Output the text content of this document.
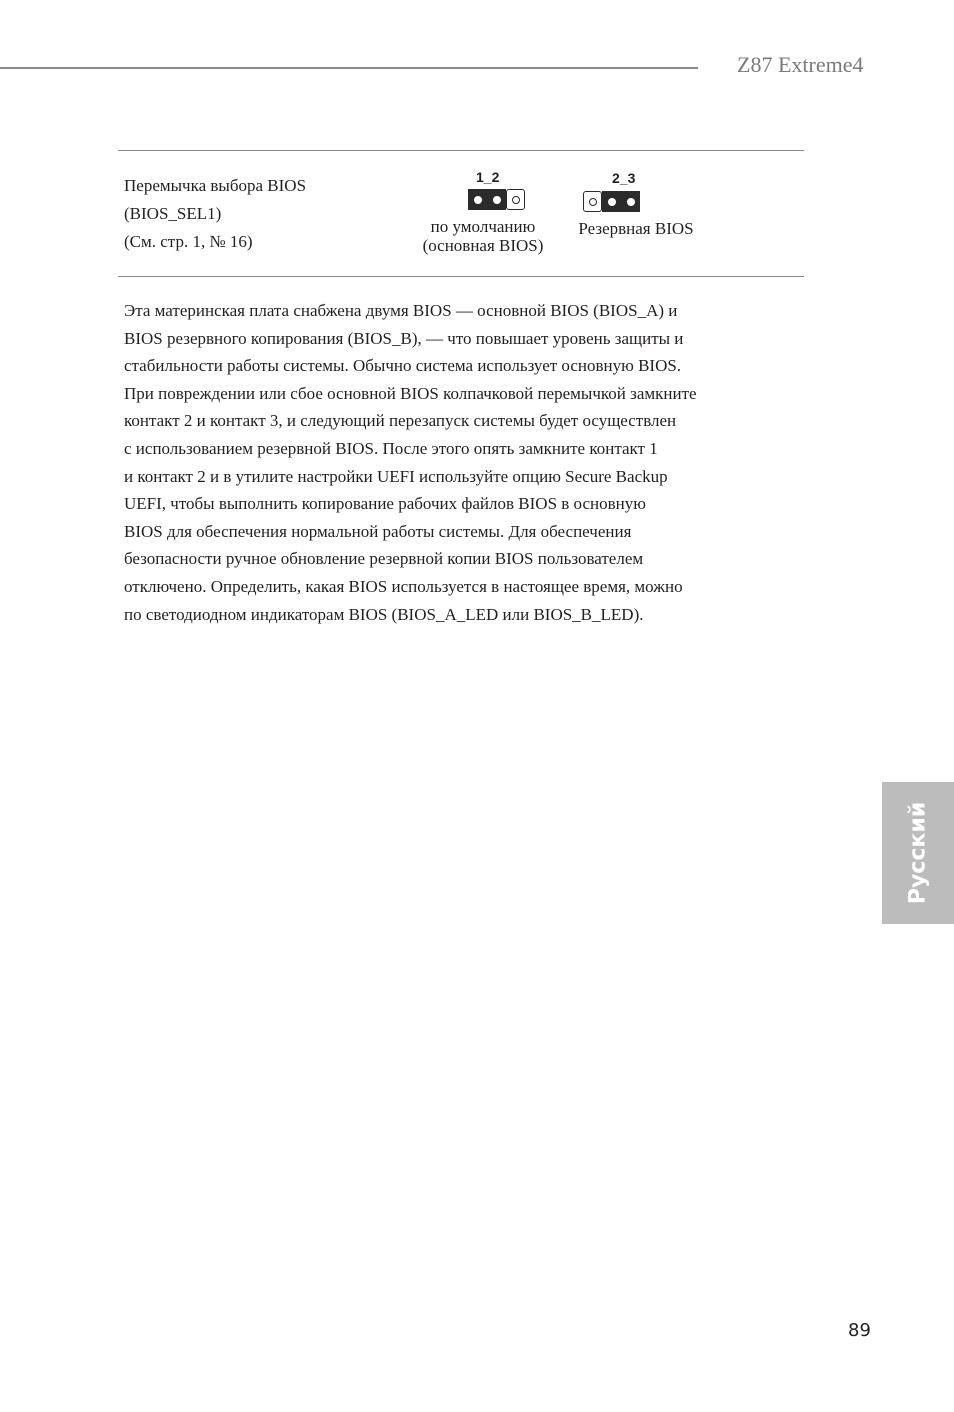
Z87 Extreme4
Перемычка выбора BIOS
(BIOS_SEL1)
(См. стр. 1, № 16)
1_2
по умолчанию
(основная BIOS)
2_3
Резервная BIOS
Эта материнская плата снабжена двумя BIOS — основной BIOS (BIOS_A) и
BIOS резервного копирования (BIOS_B), — что повышает уровень защиты и
стабильности работы системы. Обычно система использует основную BIOS.
При повреждении или сбое основной BIOS колпачковой перемычкой замкните
контакт 2 и контакт 3, и следующий перезапуск системы будет осуществлен
с использованием резервной BIOS. После этого опять замкните контакт 1
и контакт 2 и в утилите настройки UEFI используйте опцию Secure Backup
UEFI, чтобы выполнить копирование рабочих файлов BIOS в основную
BIOS для обеспечения нормальной работы системы. Для обеспечения
безопасности ручное обновление резервной копии BIOS пользователем
отключено. Определить, какая BIOS используется в настоящее время, можно
по светодиодном индикаторам BIOS (BIOS_A_LED или BIOS_B_LED).
Русский
89
